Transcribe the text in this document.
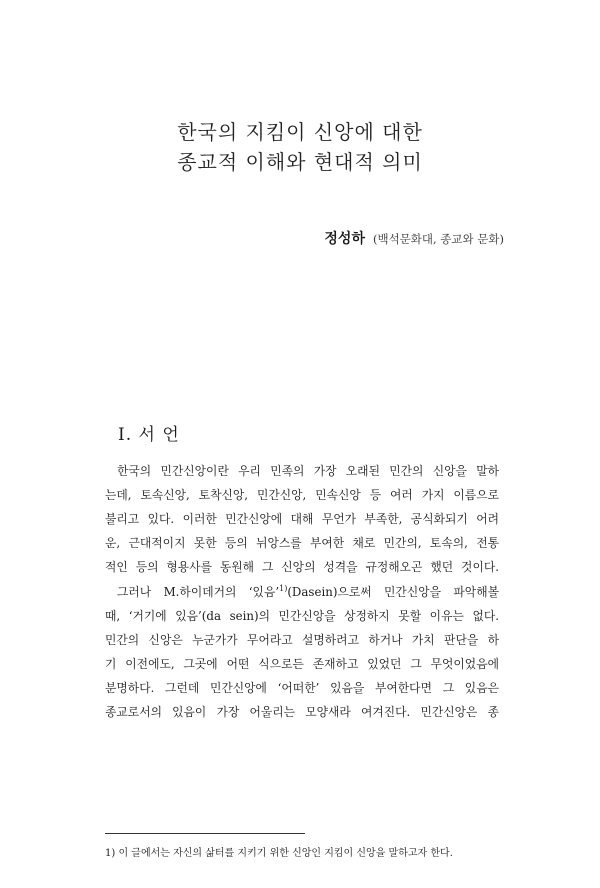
한국의 지킴이 신앙에 대한
종교적 이해와 현대적 의미
정성하 (백석문화대, 종교와 문화)
I. 서 언
한국의 민간신앙이란 우리 민족의 가장 오래된 민간의 신앙을 말하
는데, 토속신앙, 토착신앙, 민간신앙, 민속신앙 등 여러 가지 이름으로
불리고 있다. 이러한 민간신앙에 대해 무언가 부족한, 공식화되기 어려
운, 근대적이지 못한 등의 뉘앙스를 부여한 채로 민간의, 토속의, 전통
적인 등의 형용사를 동원해 그 신앙의 성격을 규정해오곤 했던 것이다.
그러나 M.하이데거의 ‘있음’$^{1)}$(Dasein)으로써 민간신앙을 파악해볼
때, ‘거기에 있음’(da sein)의 민간신앙을 상정하지 못할 이유는 없다.
민간의 신앙은 누군가가 무어라고 설명하려고 하거나 가치 판단을 하
기 이전에도, 그곳에 어떤 식으로든 존재하고 있었던 그 무엇이었음에
분명하다. 그런데 민간신앙에 ‘어떠한’ 있음을 부여한다면 그 있음은
종교로서의 있음이 가장 어울리는 모양새라 여겨진다. 민간신앙은 종
1) 이 글에서는 자신의 삶터를 지키기 위한 신앙인 지킴이 신앙을 말하고자 한다.
